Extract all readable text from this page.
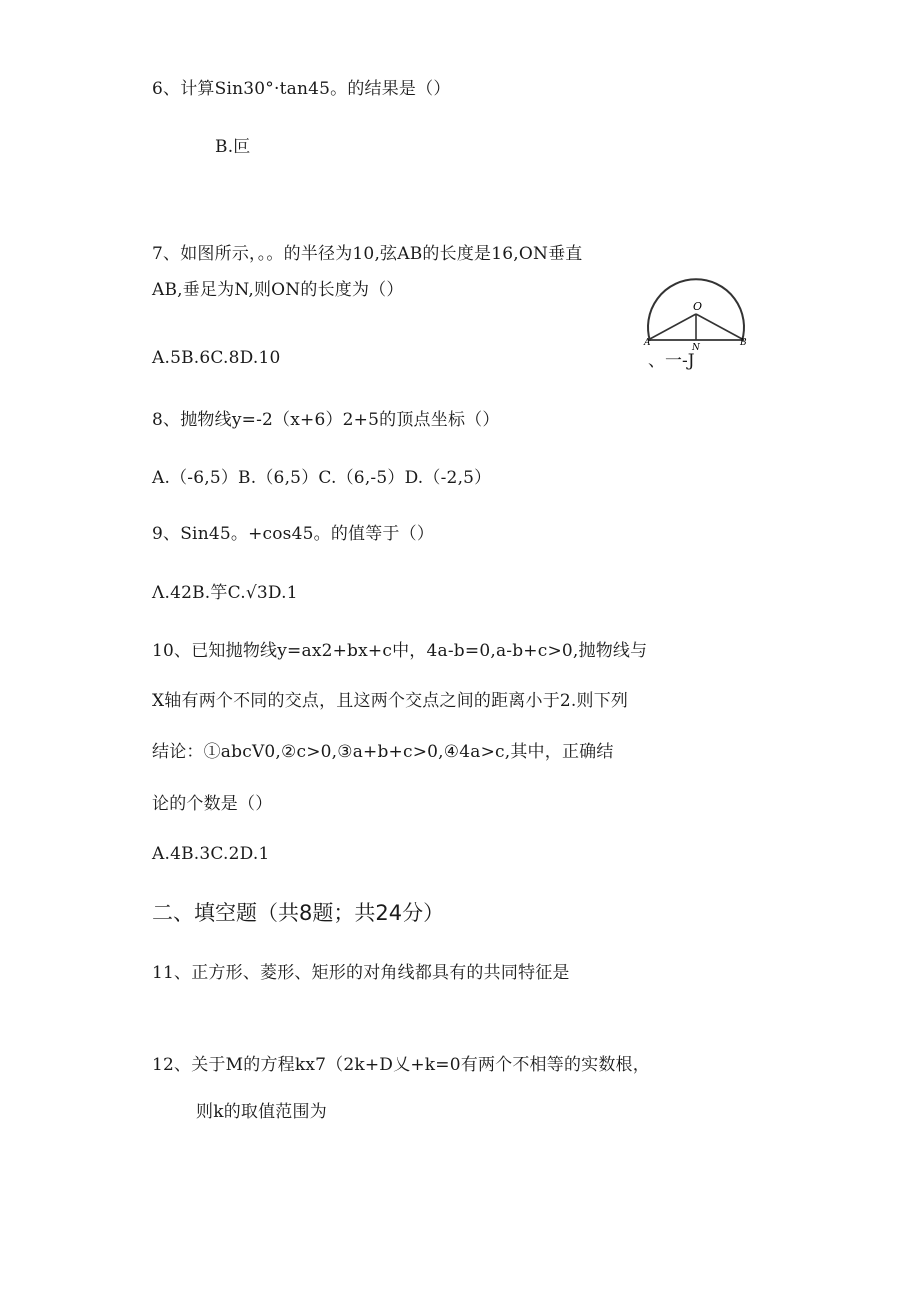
6、计算Sin30°·tan45。的结果是（）
B.叵
7、如图所示，。。的半径为10,弦AB的长度是16,ON垂直
AB,垂足为N,则ON的长度为（）
A.5B.6C.8D.10
O
A	N	B
、一-J
8、抛物线y=-2（x+6）2+5的顶点坐标（）
A.（-6,5）B.（6,5）C.（6,-5）D.（-2,5）
9、Sin45。+cos45。的值等于（）
Λ.42B.竽C.√3D.1
10、已知抛物线y=ax2+bx+c中，4a-b=0,a-b+c>0,抛物线与
X轴有两个不同的交点，且这两个交点之间的距离小于2.则下列
结论：①abcV0,②c>0,③a+b+c>0,④4a>c,其中，正确结
论的个数是（）
A.4B.3C.2D.1
二、填空题（共8题；共24分）
11、正方形、菱形、矩形的对角线都具有的共同特征是
12、关于M的方程kx7（2k+D乂+k=0有两个不相等的实数根，
则k的取值范围为
